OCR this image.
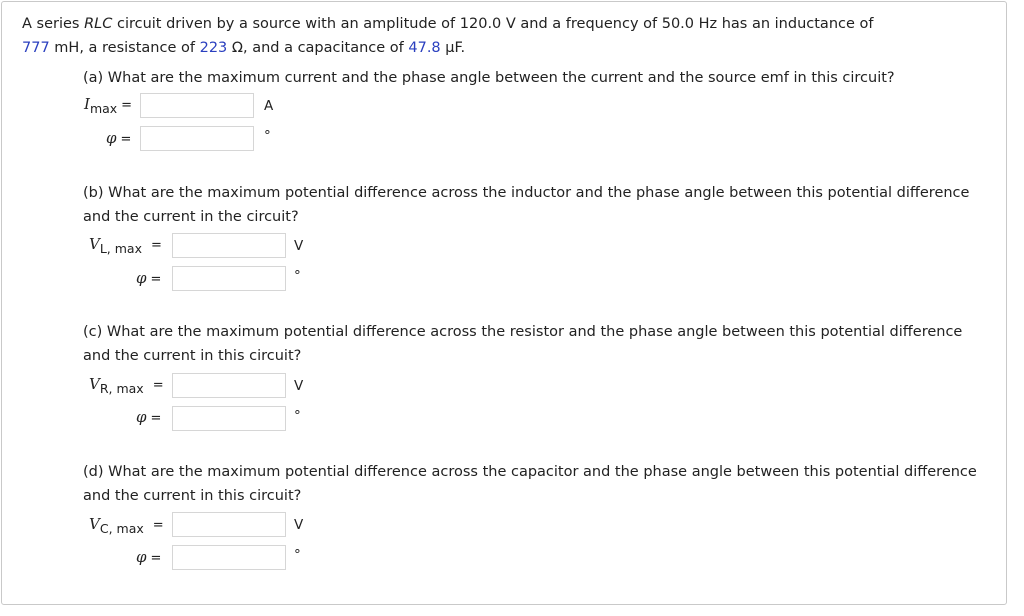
A series RLC circuit driven by a source with an amplitude of 120.0 V and a frequency of 50.0 Hz has an inductance of
777 mH, a resistance of 223 Ω, and a capacitance of 47.8 μF.
(a) What are the maximum current and the phase angle between the current and the source emf in this circuit?
$I_{max}$ =	A
φ =	°
(b) What are the maximum potential difference across the inductor and the phase angle between this potential difference and the current in the circuit?
$V_{L, max}$ =	V
φ =	°
(c) What are the maximum potential difference across the resistor and the phase angle between this potential difference and the current in this circuit?
$V_{R, max}$ =	V
φ =	°
(d) What are the maximum potential difference across the capacitor and the phase angle between this potential difference and the current in this circuit?
$V_{C, max}$ =	V
φ =	°
